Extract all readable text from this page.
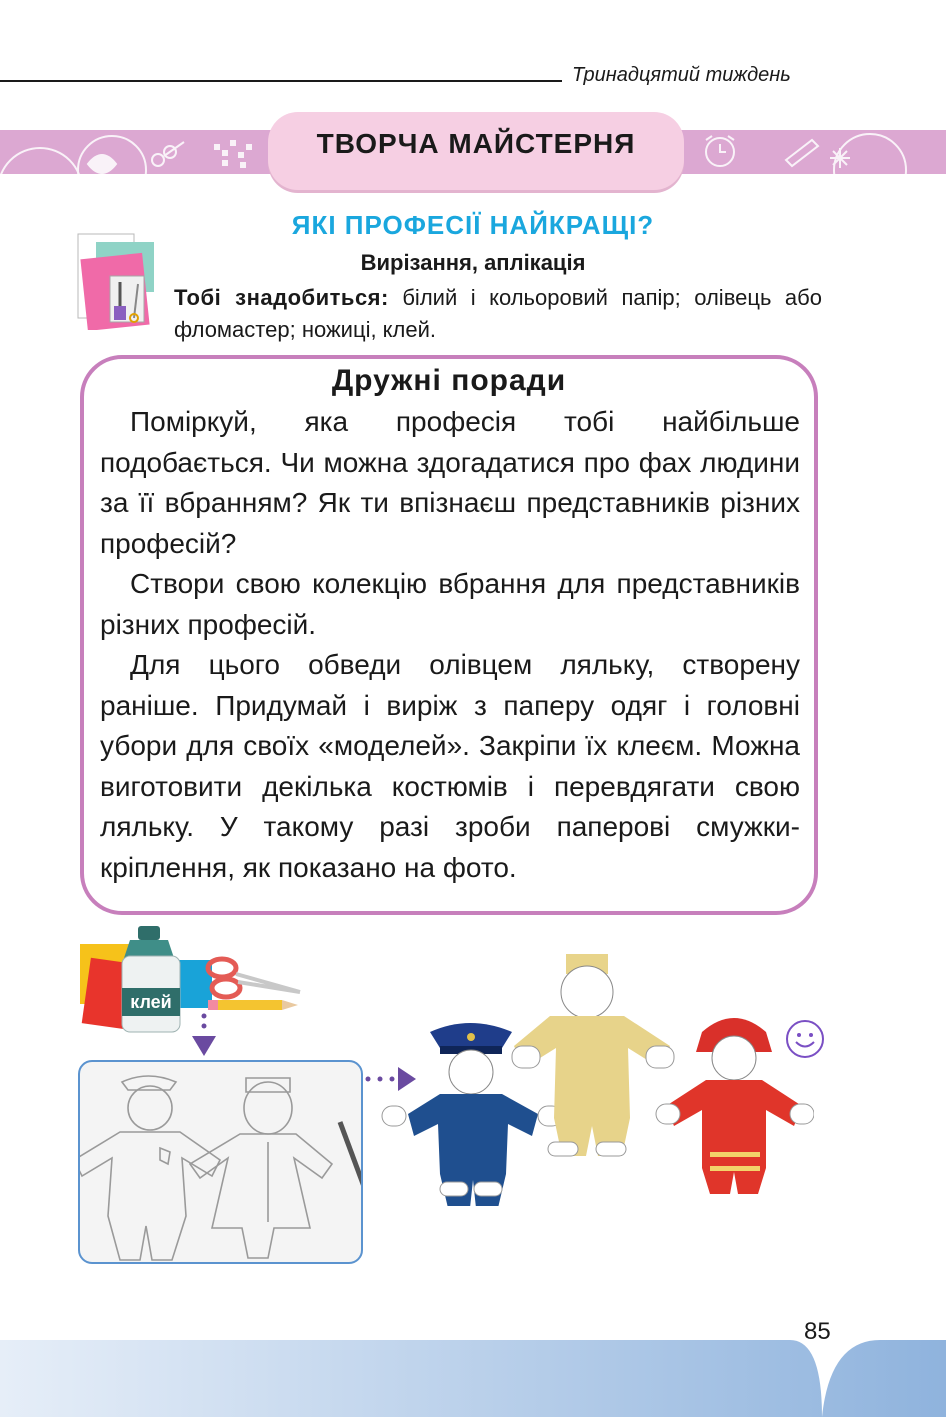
Тринадцятий тиждень
ТВОРЧА МАЙСТЕРНЯ
ЯКІ ПРОФЕСІЇ НАЙКРАЩІ?
Вирізання, аплікація
Тобі знадобиться: білий і кольоровий папір; олівець або фломастер; ножиці, клей.
Дружні поради

Поміркуй, яка професія тобі найбільше подобається. Чи можна здогадатися про фах людини за її вбранням? Як ти впізнаєш представників різних професій?

Створи свою колекцію вбрання для представників різних професій.

Для цього обведи олівцем ляльку, створену раніше. Придумай і виріж з паперу одяг і головні убори для своїх «моделей». Закріпи їх клеєм. Можна виготовити декілька костюмів і перевдягати свою ляльку. У такому разі зроби паперові смужки-кріплення, як показано на фото.

клей
85
